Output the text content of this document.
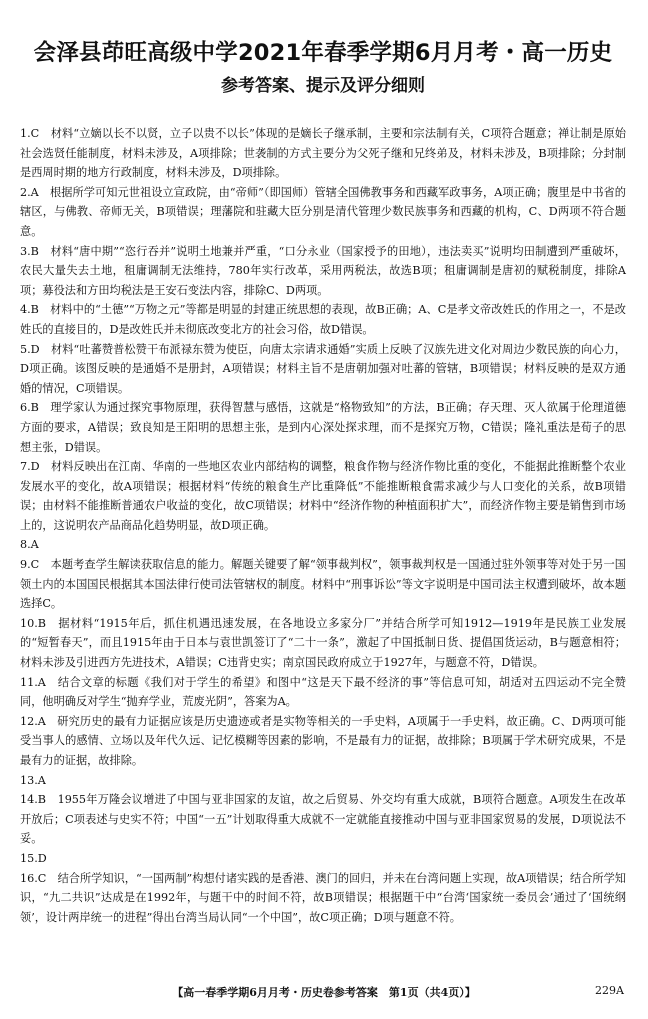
会泽县茚旺高级中学2021年春季学期6月月考・高一历史
参考答案、提示及评分细则

1.C　材料“立嫡以长不以贤，立子以贵不以长”体现的是嫡长子继承制，主要和宗法制有关，C项符合题意；禅让制是原始社会选贤任能制度，材料未涉及，A项排除；世袭制的方式主要分为父死子继和兄终弟及，材料未涉及，B项排除；分封制是西周时期的地方行政制度，材料未涉及，D项排除。

2.A　根据所学可知元世祖设立宣政院，由“帝师”（即国师）管辖全国佛教事务和西藏军政事务，A项正确；腹里是中书省的辖区，与佛教、帝师无关，B项错误；理藩院和驻藏大臣分别是清代管理少数民族事务和西藏的机构，C、D两项不符合题意。

3.B　材料“唐中期”“恣行吞并”说明土地兼并严重，“口分永业（国家授予的田地），违法卖买”说明均田制遭到严重破坏，农民大量失去土地，租庸调制无法维持，780年实行改革，采用两税法，故选B项；租庸调制是唐初的赋税制度，排除A项；募役法和方田均税法是王安石变法内容，排除C、D两项。

4.B　材料中的“土德”“万物之元”等都是明显的封建正统思想的表现，故B正确；A、C是孝文帝改姓氏的作用之一，不是改姓氏的直接目的，D是改姓氏并未彻底改变北方的社会习俗，故D错误。

5.D　材料“吐蕃赞普松赞干布派禄东赞为使臣，向唐太宗请求通婚”实质上反映了汉族先进文化对周边少数民族的向心力，D项正确。该图反映的是通婚不是册封，A项错误；材料主旨不是唐朝加强对吐蕃的管辖，B项错误；材料反映的是双方通婚的情况，C项错误。

6.B　理学家认为通过探究事物原理，获得智慧与感悟，这就是“格物致知”的方法，B正确；存天理、灭人欲属于伦理道德方面的要求，A错误；致良知是王阳明的思想主张，是到内心深处探求理，而不是探究万物，C错误；隆礼重法是荀子的思想主张，D错误。

7.D　材料反映出在江南、华南的一些地区农业内部结构的调整，粮食作物与经济作物比重的变化，不能据此推断整个农业发展水平的变化，故A项错误；根据材料“传统的粮食生产比重降低”不能推断粮食需求减少与人口变化的关系，故B项错误；由材料不能推断普通农户收益的变化，故C项错误；材料中“经济作物的种植面积扩大”，而经济作物主要是销售到市场上的，这说明农产品商品化趋势明显，故D项正确。

8.A

9.C　本题考查学生解读获取信息的能力。解题关键要了解“领事裁判权”，领事裁判权是一国通过驻外领事等对处于另一国领土内的本国国民根据其本国法律行使司法管辖权的制度。材料中“刑事诉讼”等文字说明是中国司法主权遭到破坏，故本题选择C。

10.B　据材料“1915年后，抓住机遇迅速发展，在各地设立多家分厂”并结合所学可知1912—1919年是民族工业发展的“短暂春天”，而且1915年由于日本与袁世凯签订了“二十一条”，激起了中国抵制日货、提倡国货运动，B与题意相符；材料未涉及引进西方先进技术，A错误；C违背史实；南京国民政府成立于1927年，与题意不符，D错误。

11.A　结合文章的标题《我们对于学生的希望》和图中“这是天下最不经济的事”等信息可知，胡适对五四运动不完全赞同，他明确反对学生“抛弃学业，荒废光阴”，答案为A。

12.A　研究历史的最有力证据应该是历史遗迹或者是实物等相关的一手史料，A项属于一手史料，故正确。C、D两项可能受当事人的感情、立场以及年代久远、记忆模糊等因素的影响，不是最有力的证据，故排除；B项属于学术研究成果，不是最有力的证据，故排除。

13.A

14.B　1955年万隆会议增进了中国与亚非国家的友谊，故之后贸易、外交均有重大成就，B项符合题意。A项发生在改革开放后；C项表述与史实不符；中国“一五”计划取得重大成就不一定就能直接推动中国与亚非国家贸易的发展，D项说法不妥。

15.D

16.C　结合所学知识，“一国两制”构想付诸实践的是香港、澳门的回归，并未在台湾问题上实现，故A项错误；结合所学知识，“九二共识”达成是在1992年，与题干中的时间不符，故B项错误；根据题干中“台湾‘国家统一委员会’通过了‘国统纲领’，设计两岸统一的进程”得出台湾当局认同“一个中国”，故C项正确；D项与题意不符。

【高一春季学期6月月考・历史卷参考答案　第1页（共4页）】	229A
